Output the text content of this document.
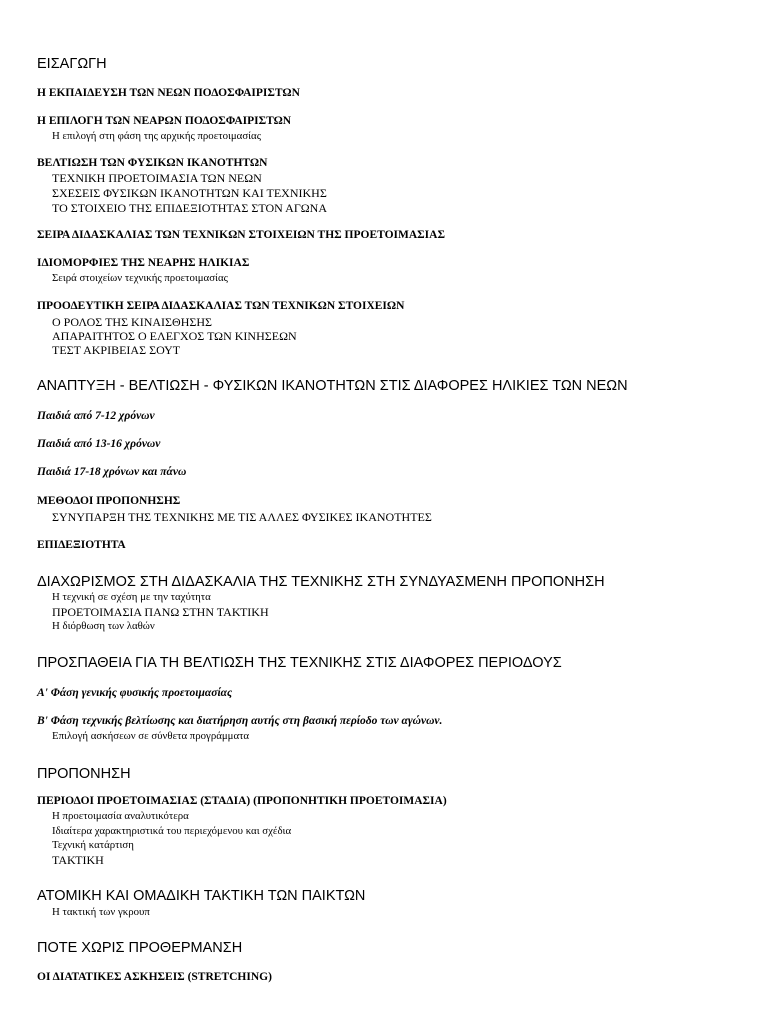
ΕΙΣΑΓΩΓΗ
Η ΕΚΠΑΙΔΕΥΣΗ ΤΩΝ ΝΕΩΝ ΠΟΔΟΣΦΑΙΡΙΣΤΩΝ
Η ΕΠΙΛΟΓΗ ΤΩΝ ΝΕΑΡΩΝ ΠΟΔΟΣΦΑΙΡΙΣΤΩΝ
Η επιλογή στη φάση της αρχικής προετοιμασίας
ΒΕΛΤΙΩΣΗ ΤΩΝ ΦΥΣΙΚΩΝ ΙΚΑΝΟΤΗΤΩΝ
ΤΕΧΝΙΚΗ ΠΡΟΕΤΟΙΜΑΣΙΑ ΤΩΝ ΝΕΩΝ
ΣΧΕΣΕΙΣ ΦΥΣΙΚΩΝ ΙΚΑΝΟΤΗΤΩΝ ΚΑΙ ΤΕΧΝΙΚΗΣ
ΤΟ ΣΤΟΙΧΕΙΟ ΤΗΣ ΕΠΙΔΕΞΙΟΤΗΤΑΣ ΣΤΟΝ ΑΓΩΝΑ
ΣΕΙΡΑ ΔΙΔΑΣΚΑΛΙΑΣ ΤΩΝ ΤΕΧΝΙΚΩΝ ΣΤΟΙΧΕΙΩΝ ΤΗΣ ΠΡΟΕΤΟΙΜΑΣΙΑΣ
ΙΔΙΟΜΟΡΦΙΕΣ ΤΗΣ ΝΕΑΡΗΣ ΗΛΙΚΙΑΣ
Σειρά στοιχείων τεχνικής προετοιμασίας
ΠΡΟΟΔΕΥΤΙΚΗ ΣΕΙΡΑ ΔΙΔΑΣΚΑΛΙΑΣ ΤΩΝ ΤΕΧΝΙΚΩΝ ΣΤΟΙΧΕΙΩΝ
Ο ΡΟΛΟΣ ΤΗΣ ΚΙΝΑΙΣΘΗΣΗΣ
ΑΠΑΡΑΙΤΗΤΟΣ Ο ΕΛΕΓΧΟΣ ΤΩΝ ΚΙΝΗΣΕΩΝ
ΤΕΣΤ ΑΚΡΙΒΕΙΑΣ ΣΟΥΤ
ΑΝΑΠΤΥΞΗ - ΒΕΛΤΙΩΣΗ - ΦΥΣΙΚΩΝ ΙΚΑΝΟΤΗΤΩΝ ΣΤΙΣ ΔΙΑΦΟΡΕΣ ΗΛΙΚΙΕΣ ΤΩΝ ΝΕΩΝ
Παιδιά από 7-12 χρόνων
Παιδιά από 13-16 χρόνων
Παιδιά 17-18 χρόνων και πάνω
ΜΕΘΟΔΟΙ ΠΡΟΠΟΝΗΣΗΣ
ΣΥΝΥΠΑΡΞΗ ΤΗΣ ΤΕΧΝΙΚΗΣ ΜΕ ΤΙΣ ΑΛΛΕΣ ΦΥΣΙΚΕΣ ΙΚΑΝΟΤΗΤΕΣ
ΕΠΙΔΕΞΙΟΤΗΤΑ
ΔΙΑΧΩΡΙΣΜΟΣ ΣΤΗ ΔΙΔΑΣΚΑΛΙΑ ΤΗΣ ΤΕΧΝΙΚΗΣ ΣΤΗ ΣΥΝΔΥΑΣΜΕΝΗ ΠΡΟΠΟΝΗΣΗ
Η τεχνική σε σχέση με την ταχύτητα
ΠΡΟΕΤΟΙΜΑΣΙΑ ΠΑΝΩ ΣΤΗΝ ΤΑΚΤΙΚΗ
Η διόρθωση των λαθών
ΠΡΟΣΠΑΘΕΙΑ ΓΙΑ ΤΗ ΒΕΛΤΙΩΣΗ ΤΗΣ ΤΕΧΝΙΚΗΣ ΣΤΙΣ ΔΙΑΦΟΡΕΣ ΠΕΡΙΟΔΟΥΣ
Α' Φάση γενικής φυσικής προετοιμασίας
Β' Φάση τεχνικής βελτίωσης και διατήρηση αυτής στη βασική περίοδο των αγώνων.
Επιλογή ασκήσεων σε σύνθετα προγράμματα
ΠΡΟΠΟΝΗΣΗ
ΠΕΡΙΟΔΟΙ ΠΡΟΕΤΟΙΜΑΣΙΑΣ (ΣΤΑΔΙΑ) (ΠΡΟΠΟΝΗΤΙΚΗ ΠΡΟΕΤΟΙΜΑΣΙΑ)
Η προετοιμασία αναλυτικότερα
Ιδιαίτερα χαρακτηριστικά του περιεχόμενου και σχέδια
Τεχνική κατάρτιση
ΤΑΚΤΙΚΗ
ΑΤΟΜΙΚΗ ΚΑΙ ΟΜΑΔΙΚΗ ΤΑΚΤΙΚΗ ΤΩΝ ΠΑΙΚΤΩΝ
Η τακτική των γκρουπ
ΠΟΤΕ ΧΩΡΙΣ ΠΡΟΘΕΡΜΑΝΣΗ
ΟΙ ΔΙΑΤΑΤΙΚΕΣ ΑΣΚΗΣΕΙΣ (STRETCHING)
